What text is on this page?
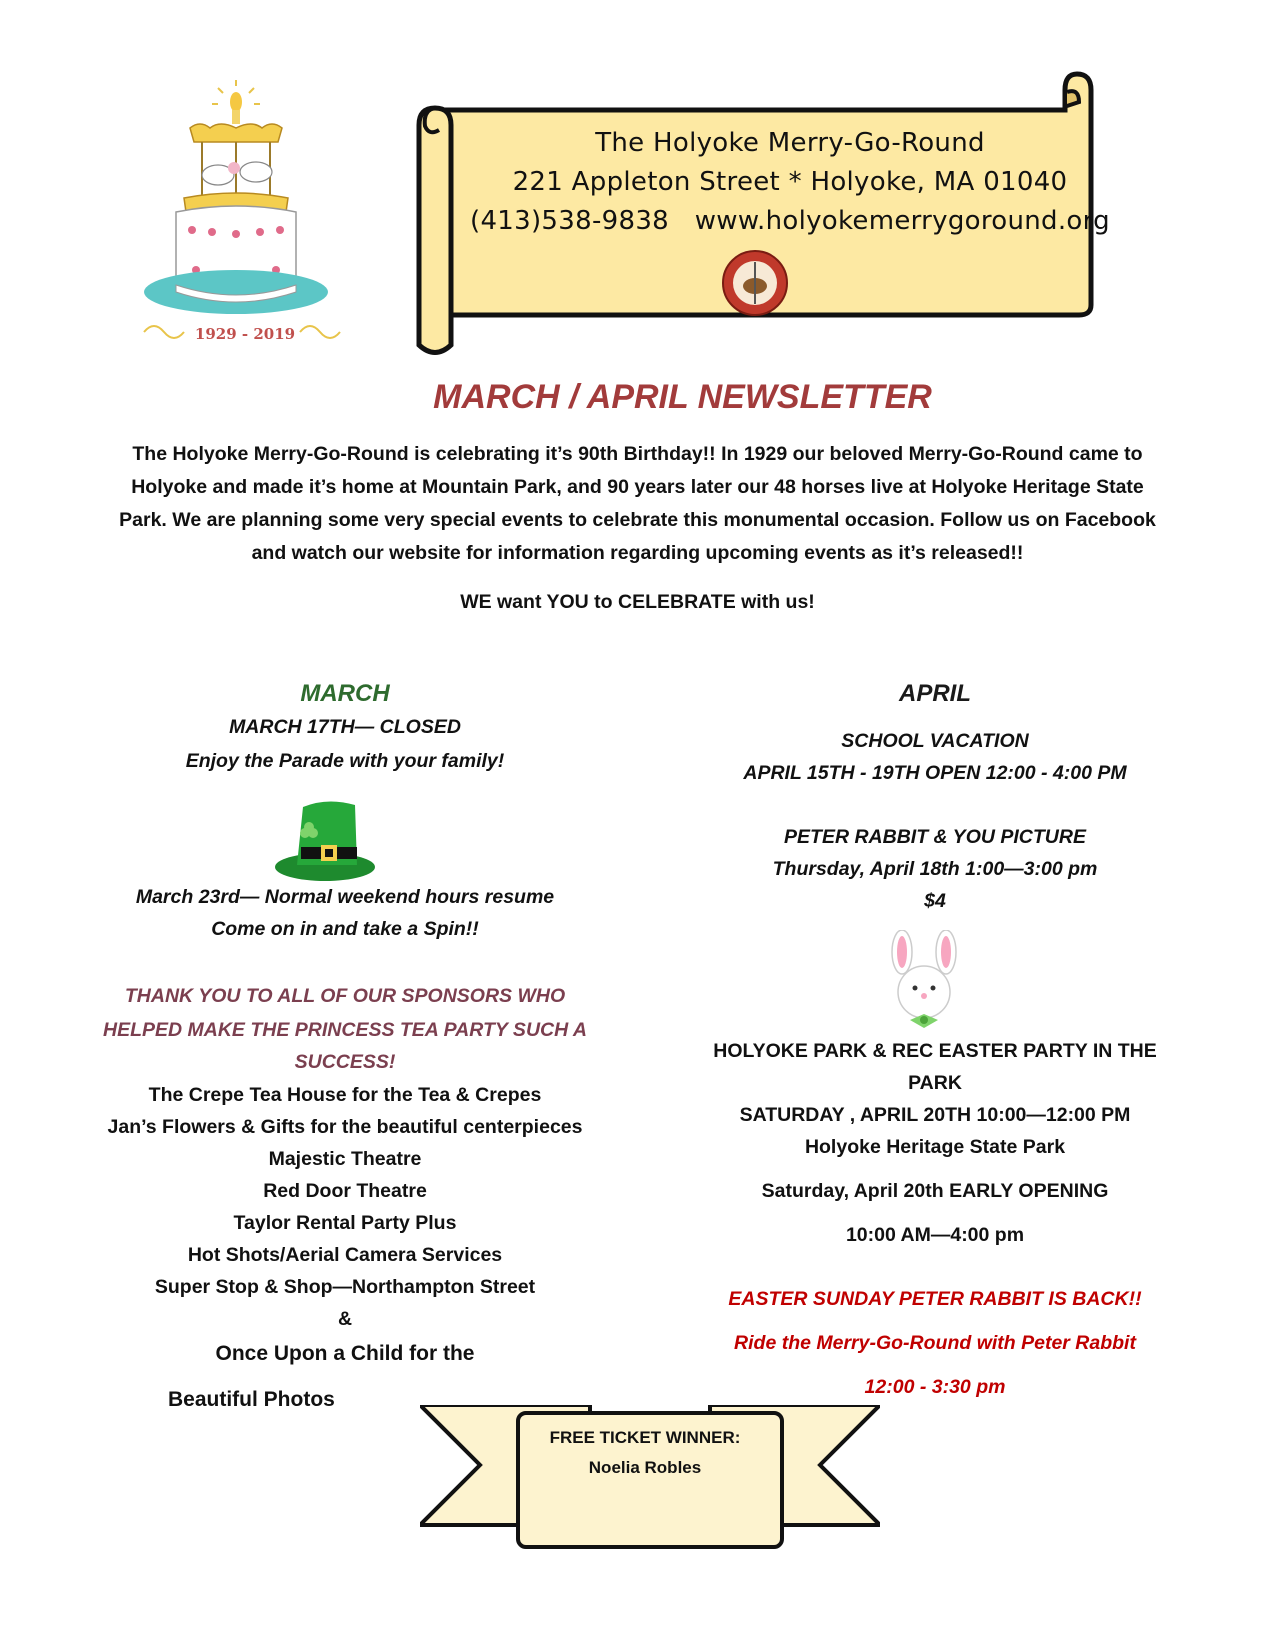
1929 - 2019
The Holyoke Merry-Go-Round
221 Appleton Street * Holyoke, MA 01040
(413)538-9838 www.holyokemerrygoround.org
MARCH / APRIL NEWSLETTER
The Holyoke Merry-Go-Round is celebrating it’s 90th Birthday!! In 1929 our beloved Merry-Go-Round came to Holyoke and made it’s home at Mountain Park, and 90 years later our 48 horses live at Holyoke Heritage State Park. We are planning some very special events to celebrate this monumental occasion. Follow us on Facebook and watch our website for information regarding upcoming events as it’s released!!
WE want YOU to CELEBRATE with us!
MARCH
MARCH 17TH— CLOSED
Enjoy the Parade with your family!
March 23rd— Normal weekend hours resume
Come on in and take a Spin!!
THANK YOU TO ALL OF OUR SPONSORS WHO
HELPED MAKE THE PRINCESS TEA PARTY SUCH A
SUCCESS!
The Crepe Tea House for the Tea & Crepes
Jan’s Flowers & Gifts for the beautiful centerpieces
Majestic Theatre
Red Door Theatre
Taylor Rental Party Plus
Hot Shots/Aerial Camera Services
Super Stop & Shop—Northampton Street
&
Once Upon a Child for the
Beautiful Photos
APRIL
SCHOOL VACATION
APRIL 15TH - 19TH OPEN 12:00 - 4:00 PM
PETER RABBIT & YOU PICTURE
Thursday, April 18th 1:00—3:00 pm
$4
HOLYOKE PARK & REC EASTER PARTY IN THE
PARK
SATURDAY , APRIL 20TH 10:00—12:00 PM
Holyoke Heritage State Park
Saturday, April 20th EARLY OPENING
10:00 AM—4:00 pm
EASTER SUNDAY PETER RABBIT IS BACK!!
Ride the Merry-Go-Round with Peter Rabbit
12:00 - 3:30 pm
FREE TICKET WINNER:
Noelia Robles
